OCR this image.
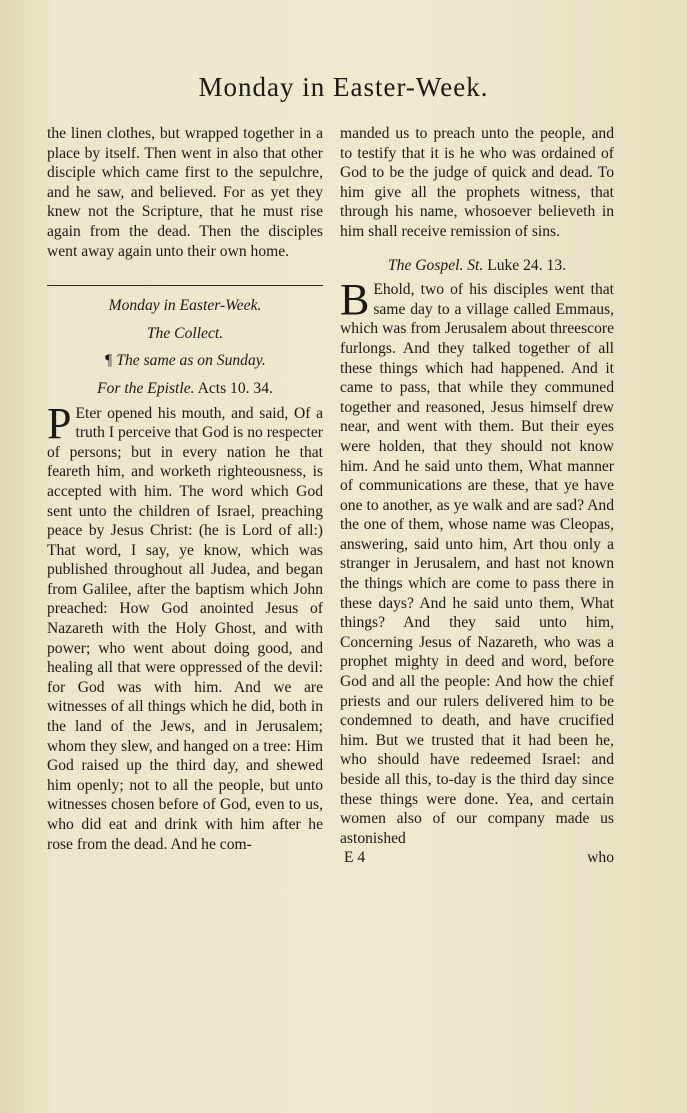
Monday in Easter-Week.

the linen clothes, but wrapped together in a place by itself. Then went in also that other disciple which came first to the sepulchre, and he saw, and believed. For as yet they knew not the Scripture, that he must rise again from the dead. Then the disciples went away again unto their own home.

Monday in Easter-Week.
The Collect.
¶ The same as on Sunday.
For the Epistle. Acts 10. 34.

P Eter opened his mouth, and said, Of a truth I perceive that God is no respecter of persons; but in every nation he that feareth him, and worketh righteousness, is accepted with him. The word which God sent unto the children of Israel, preaching peace by Jesus Christ: (he is Lord of all:) That word, I say, ye know, which was published throughout all Judea, and began from Galilee, after the baptism which John preached: How God anointed Jesus of Nazareth with the Holy Ghost, and with power; who went about doing good, and healing all that were oppressed of the devil: for God was with him. And we are witnesses of all things which he did, both in the land of the Jews, and in Jerusalem; whom they slew, and hanged on a tree: Him God raised up the third day, and shewed him openly; not to all the people, but unto witnesses chosen before of God, even to us, who did eat and drink with him after he rose from the dead. And he com-

manded us to preach unto the people, and to testify that it is he who was ordained of God to be the judge of quick and dead. To him give all the prophets witness, that through his name, whosoever believeth in him shall receive remission of sins.

The Gospel. St. Luke 24. 13.

B Ehold, two of his disciples went that same day to a village called Emmaus, which was from Jerusalem about threescore furlongs. And they talked together of all these things which had happened. And it came to pass, that while they communed together and reasoned, Jesus himself drew near, and went with them. But their eyes were holden, that they should not know him. And he said unto them, What manner of communications are these, that ye have one to another, as ye walk and are sad? And the one of them, whose name was Cleopas, answering, said unto him, Art thou only a stranger in Jerusalem, and hast not known the things which are come to pass there in these days? And he said unto them, What things? And they said unto him, Concerning Jesus of Nazareth, who was a prophet mighty in deed and word, before God and all the people: And how the chief priests and our rulers delivered him to be condemned to death, and have crucified him. But we trusted that it had been he, who should have redeemed Israel: and beside all this, to-day is the third day since these things were done. Yea, and certain women also of our company made us astonished

E 4	who
